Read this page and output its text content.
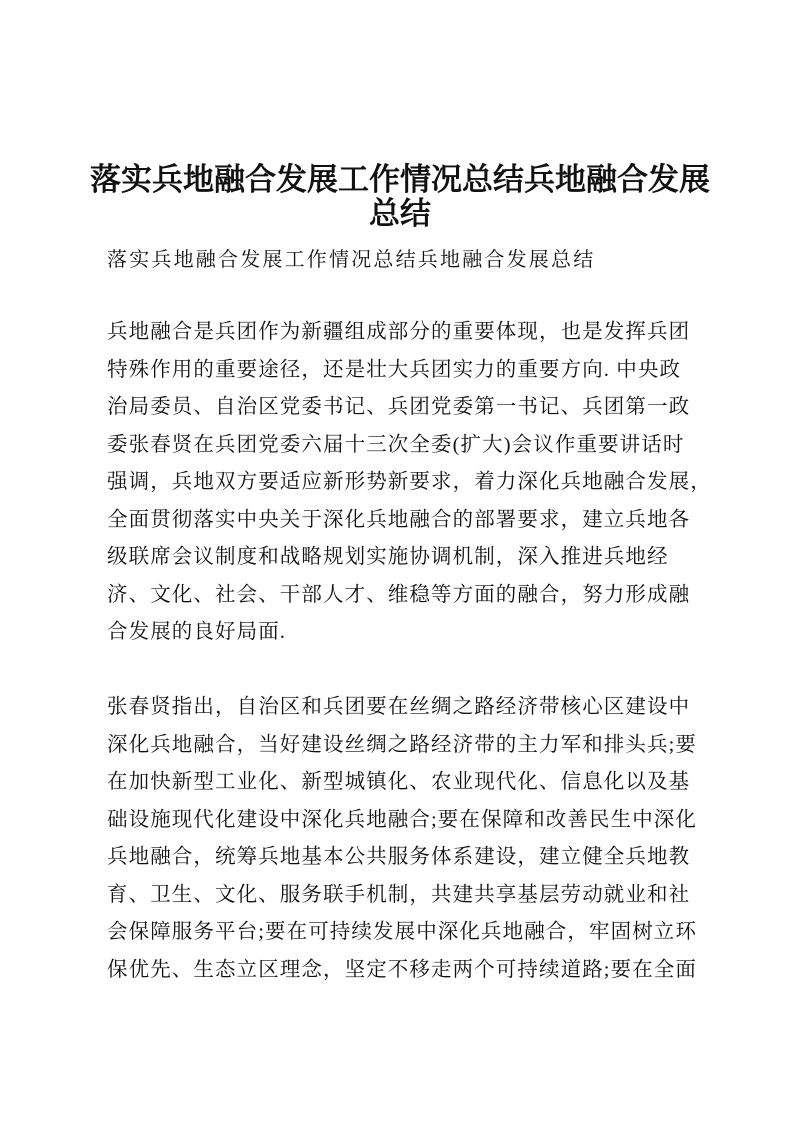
落实兵地融合发展工作情况总结兵地融合发展
总结
落实兵地融合发展工作情况总结兵地融合发展总结
兵地融合是兵团作为新疆组成部分的重要体现，也是发挥兵团
特殊作用的重要途径，还是壮大兵团实力的重要方向. 中央政
治局委员、自治区党委书记、兵团党委第一书记、兵团第一政
委张春贤在兵团党委六届十三次全委(扩大)会议作重要讲话时
强调，兵地双方要适应新形势新要求，着力深化兵地融合发展，
全面贯彻落实中央关于深化兵地融合的部署要求，建立兵地各
级联席会议制度和战略规划实施协调机制，深入推进兵地经
济、文化、社会、干部人才、维稳等方面的融合，努力形成融
合发展的良好局面.
张春贤指出，自治区和兵团要在丝绸之路经济带核心区建设中
深化兵地融合，当好建设丝绸之路经济带的主力军和排头兵;要
在加快新型工业化、新型城镇化、农业现代化、信息化以及基
础设施现代化建设中深化兵地融合;要在保障和改善民生中深化
兵地融合，统筹兵地基本公共服务体系建设，建立健全兵地教
育、卫生、文化、服务联手机制，共建共享基层劳动就业和社
会保障服务平台;要在可持续发展中深化兵地融合，牢固树立环
保优先、生态立区理念，坚定不移走两个可持续道路;要在全面
